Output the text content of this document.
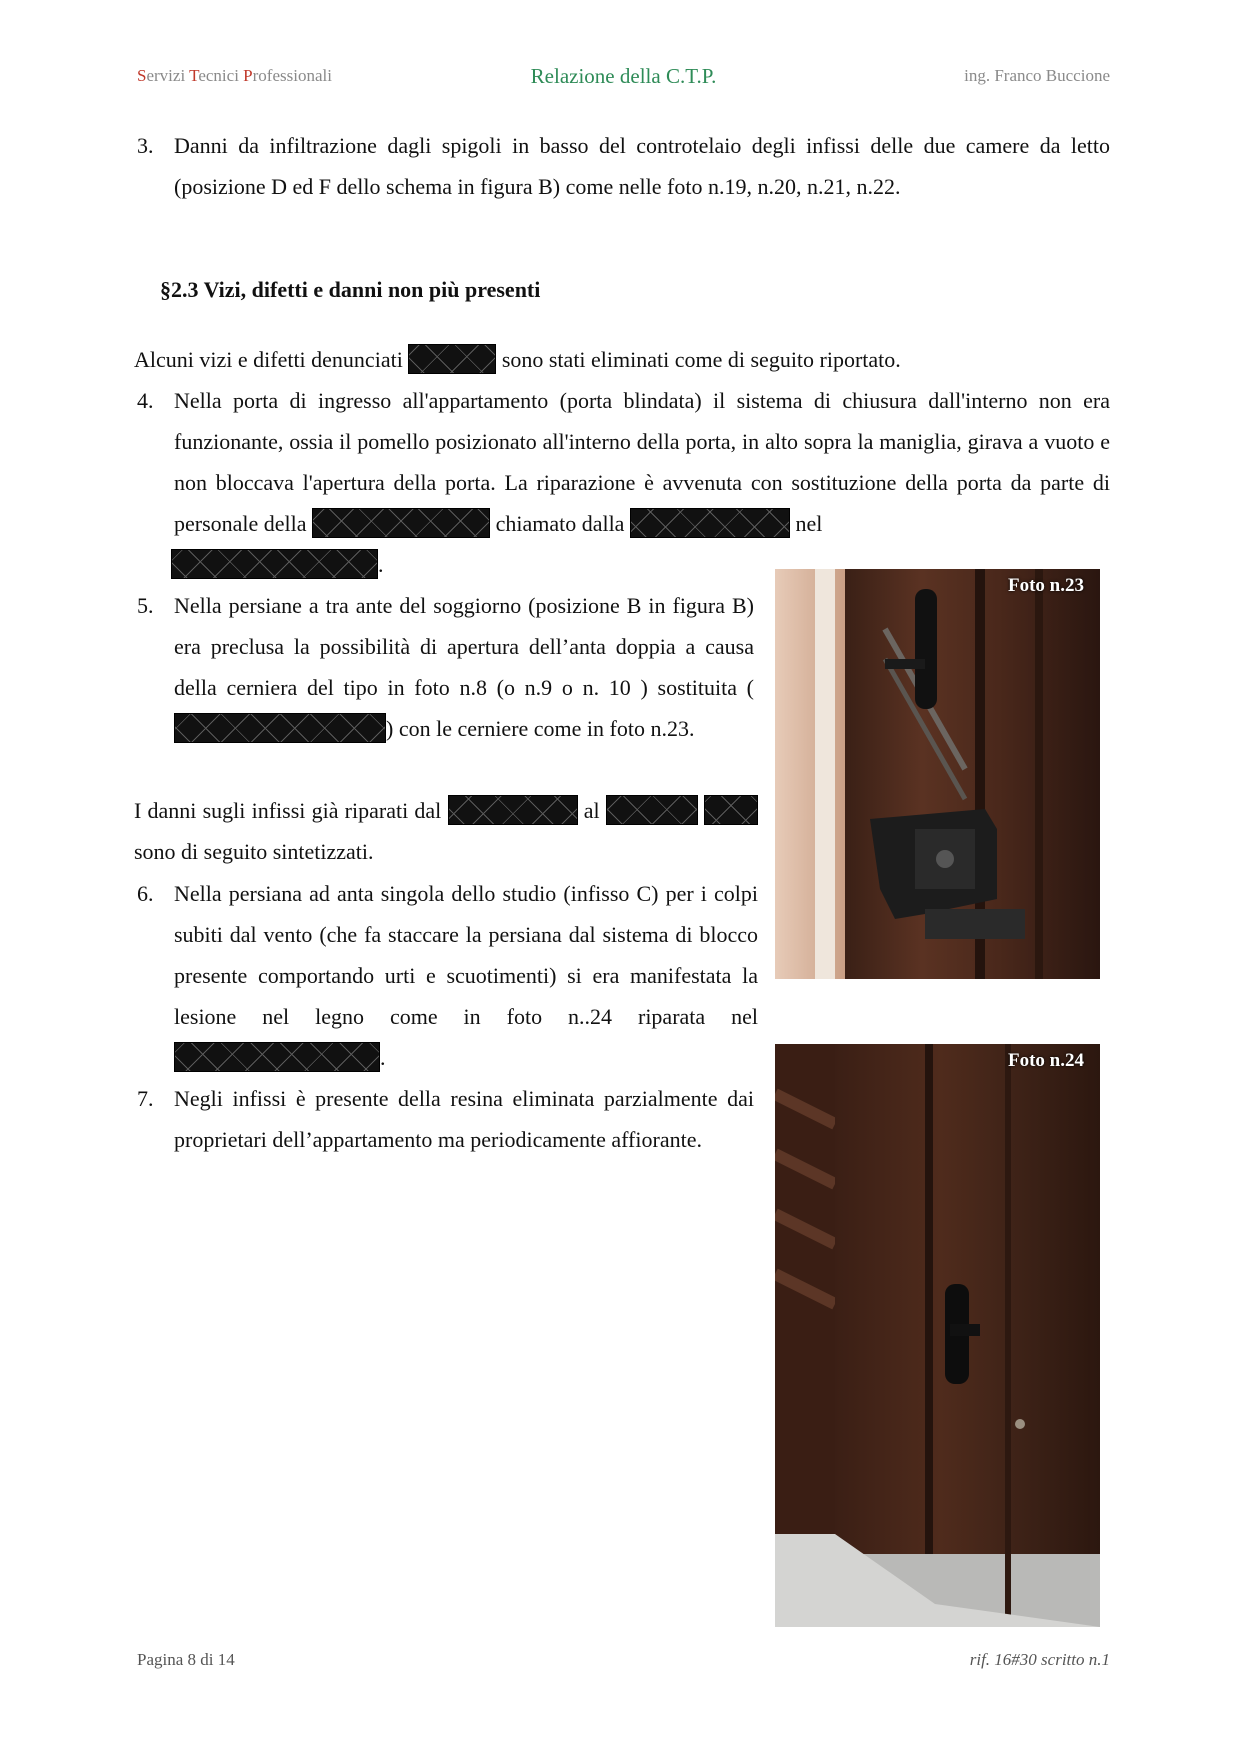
Servizi Tecnici Professionali	Relazione della C.T.P.	ing. Franco Buccione
3. Danni da infiltrazione dagli spigoli in basso del controtelaio degli infissi delle due camere da letto (posizione D ed F dello schema in figura B) come nelle foto n.19, n.20, n.21, n.22.
§2.3 Vizi, difetti e danni non più presenti
Alcuni vizi e difetti denunciati	sono stati eliminati come di seguito riportato.
4. Nella porta di ingresso all'appartamento (porta blindata) il sistema di chiusura dall'interno non era funzionante, ossia il pomello posizionato all'interno della porta, in alto sopra la maniglia, girava a vuoto e non bloccava l'apertura della porta. La riparazione è avvenuta con sostituzione della porta da parte di personale della	chiamato dalla	nel
.
5. Nella persiane a tra ante del soggiorno (posizione B in figura B) era preclusa la possibilità di apertura dell’anta doppia a causa della cerniera del tipo in foto n.8 (o n.9 o n. 10 ) sostituita () con le cerniere come in foto n.23.
I danni sugli infissi già riparati dal	al   sono di seguito sintetizzati.
6. Nella persiana ad anta singola dello studio (infisso C) per i colpi subiti dal vento (che fa staccare la persiana dal sistema di blocco presente comportando urti e scuotimenti) si era manifestata la lesione nel legno come in foto n..24 riparata nel .
7. Negli infissi è presente della resina eliminata parzialmente dai proprietari dell’appartamento ma periodicamente affiorante.
Foto n.23
Foto n.24
Pagina 8 di 14	rif. 16#30 scritto n.1
